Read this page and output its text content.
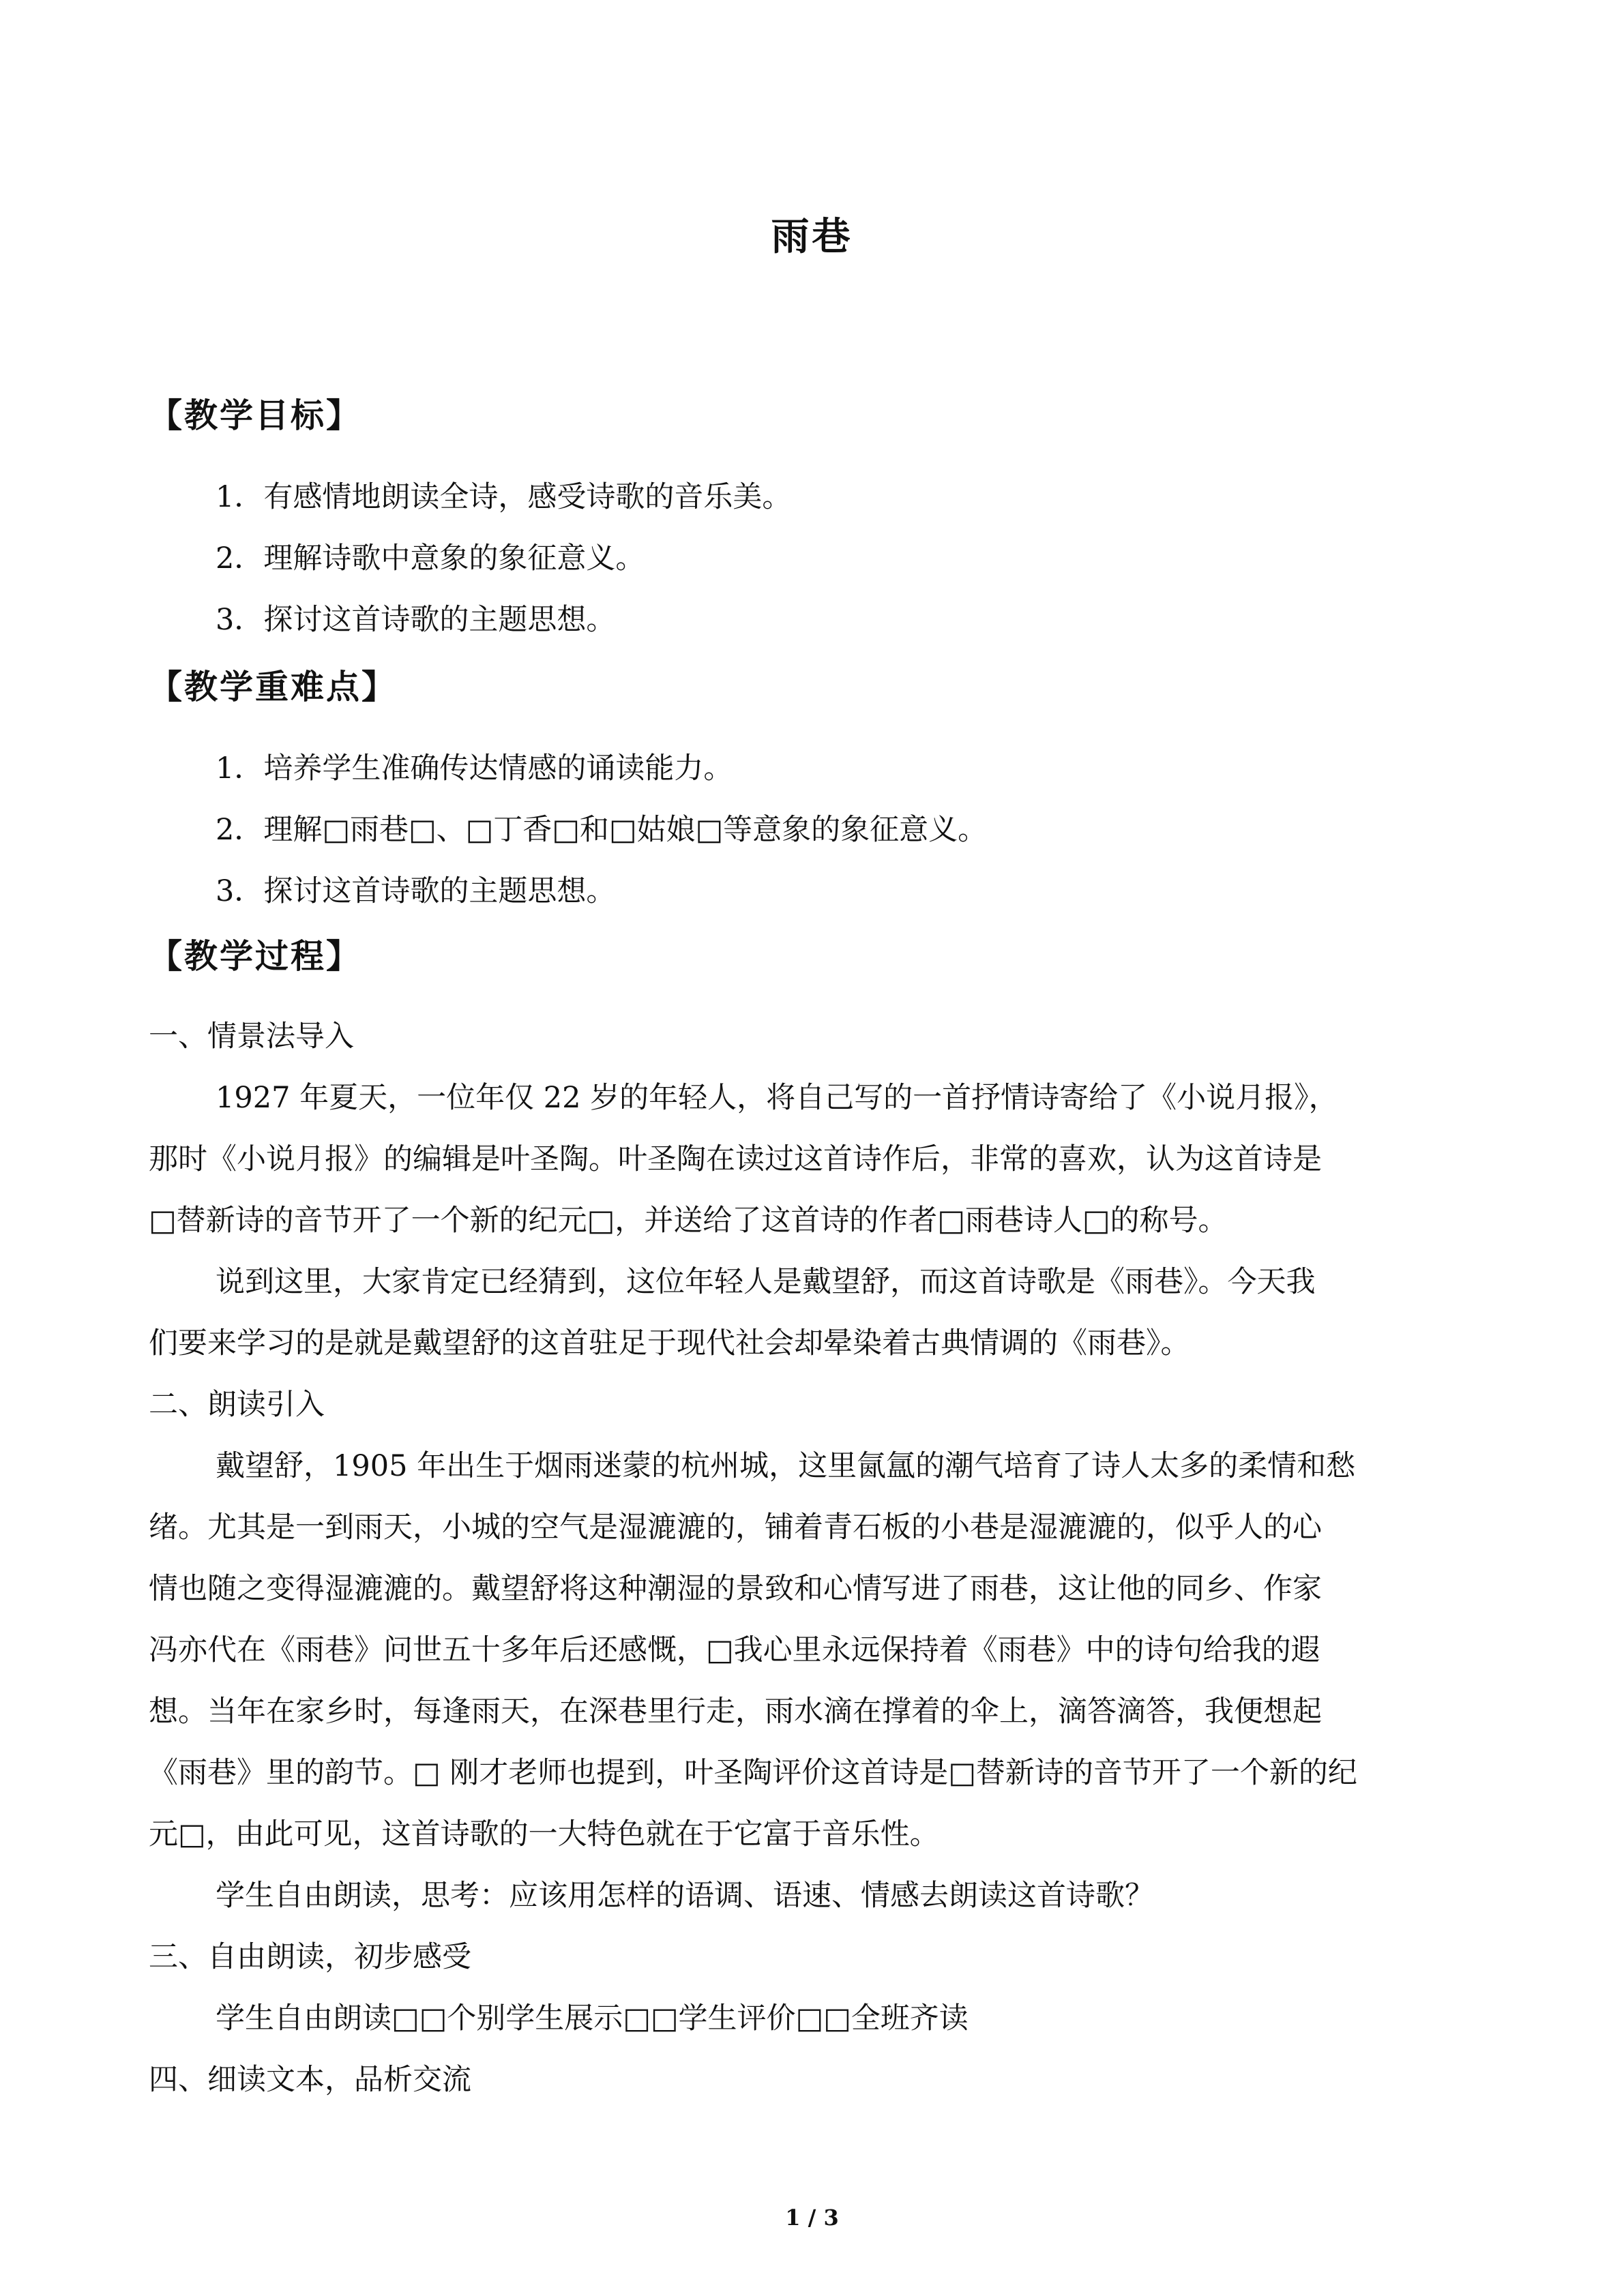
雨巷
【教学目标】
1．有感情地朗读全诗，感受诗歌的音乐美。
2．理解诗歌中意象的象征意义。
3．探讨这首诗歌的主题思想。
【教学重难点】
1．培养学生准确传达情感的诵读能力。
2．理解□雨巷□、□丁香□和□姑娘□等意象的象征意义。
3．探讨这首诗歌的主题思想。
【教学过程】
一、情景法导入
1927 年夏天，一位年仅 22 岁的年轻人，将自己写的一首抒情诗寄给了《小说月报》，
那时《小说月报》的编辑是叶圣陶。叶圣陶在读过这首诗作后，非常的喜欢，认为这首诗是
□替新诗的音节开了一个新的纪元□，并送给了这首诗的作者□雨巷诗人□的称号。
说到这里，大家肯定已经猜到，这位年轻人是戴望舒，而这首诗歌是《雨巷》。今天我
们要来学习的是就是戴望舒的这首驻足于现代社会却晕染着古典情调的《雨巷》。
二、朗读引入
戴望舒，1905 年出生于烟雨迷蒙的杭州城，这里氤氲的潮气培育了诗人太多的柔情和愁
绪。尤其是一到雨天，小城的空气是湿漉漉的，铺着青石板的小巷是湿漉漉的，似乎人的心
情也随之变得湿漉漉的。戴望舒将这种潮湿的景致和心情写进了雨巷，这让他的同乡、作家
冯亦代在《雨巷》问世五十多年后还感慨，□我心里永远保持着《雨巷》中的诗句给我的遐
想。当年在家乡时，每逢雨天，在深巷里行走，雨水滴在撑着的伞上，滴答滴答，我便想起
《雨巷》里的韵节。□ 刚才老师也提到，叶圣陶评价这首诗是□替新诗的音节开了一个新的纪
元□，由此可见，这首诗歌的一大特色就在于它富于音乐性。
学生自由朗读，思考：应该用怎样的语调、语速、情感去朗读这首诗歌？
三、自由朗读，初步感受
学生自由朗读□□个别学生展示□□学生评价□□全班齐读
四、细读文本，品析交流
1 / 3
